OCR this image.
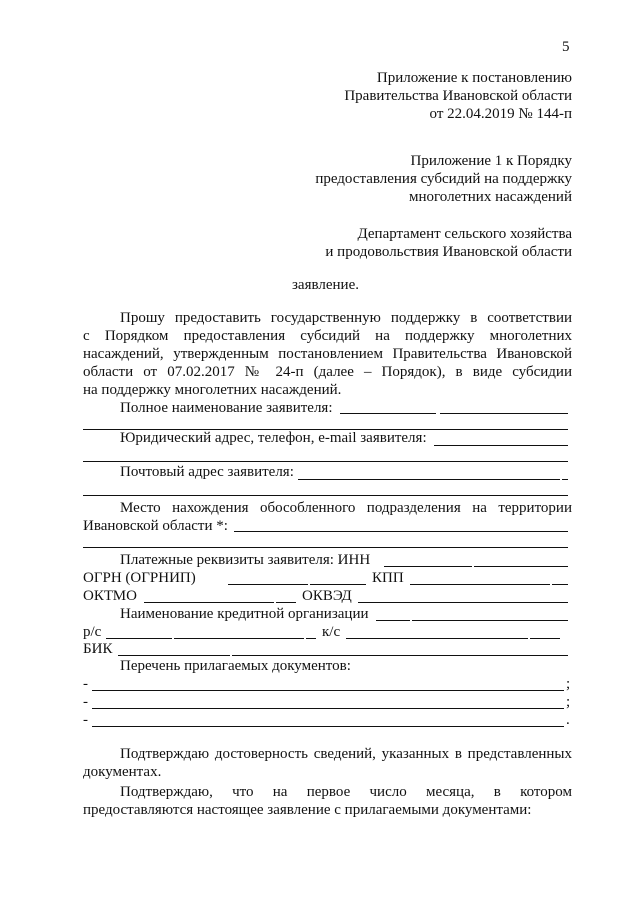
5
Приложение к постановлению
Правительства Ивановской области
от 22.04.2019 № 144-п
Приложение 1 к Порядку
предоставления субсидий на поддержку
многолетних насаждений
Департамент сельского хозяйства
и продовольствия Ивановской области
заявление.
Прошу предоставить государственную поддержку в соответствии
с Порядком предоставления субсидий на поддержку многолетних
насаждений, утвержденным постановлением Правительства Ивановской
области от 07.02.2017 № 24-п (далее – Порядок), в виде субсидии
на поддержку многолетних насаждений.
Полное наименование заявителя:
Юридический адрес, телефон, e-mail заявителя:
Почтовый адрес заявителя:
Место нахождения обособленного подразделения на территории
Ивановской области *:
Платежные реквизиты заявителя: ИНН
ОГРН (ОГРНИП)	КПП
ОКТМО	ОКВЭД
Наименование кредитной организации
р/с	к/с
БИК
Перечень прилагаемых документов:
-	;
-	;
-	.
Подтверждаю достоверность сведений, указанных в представленных
документах.
Подтверждаю, что на первое число месяца, в котором
предоставляются настоящее заявление с прилагаемыми документами:
